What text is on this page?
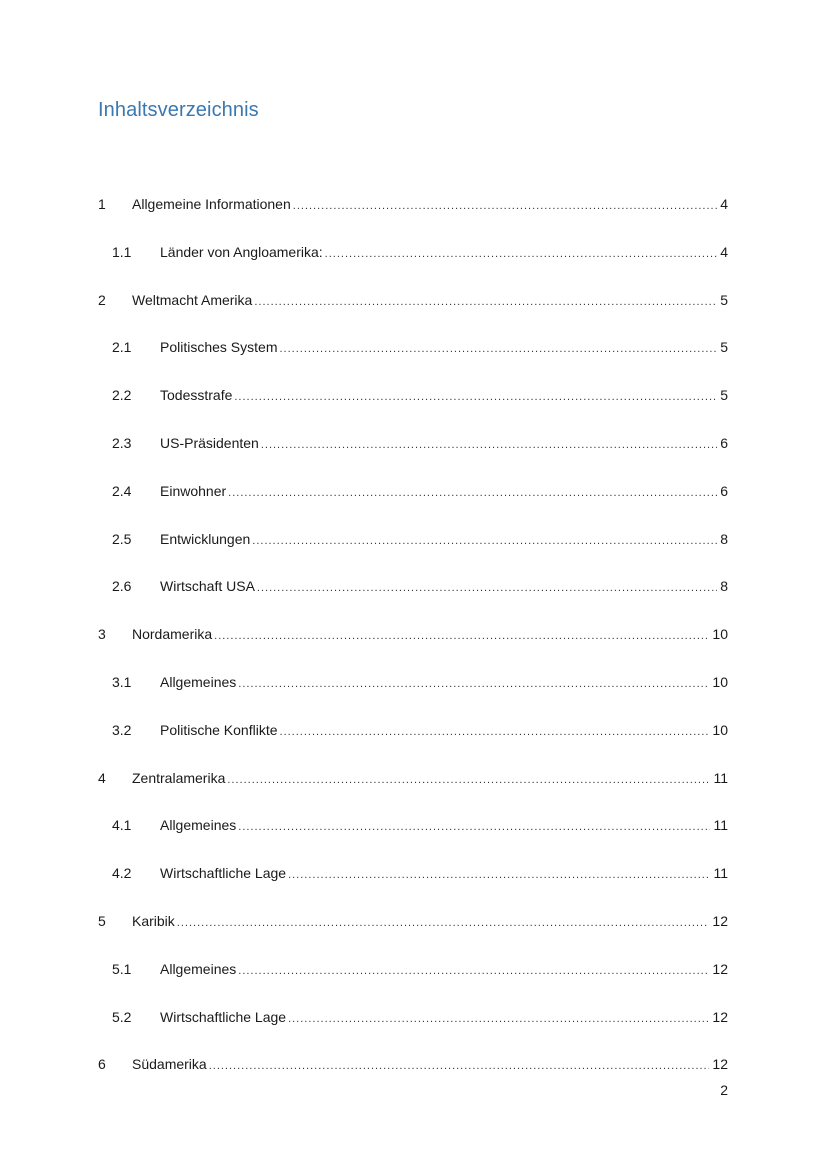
Inhaltsverzeichnis
1	Allgemeine Informationen .....	4
1.1	Länder von Angloamerika: .....	4
2	Weltmacht Amerika .....	5
2.1	Politisches System .....	5
2.2	Todesstrafe .....	5
2.3	US-Präsidenten .....	6
2.4	Einwohner .....	6
2.5	Entwicklungen .....	8
2.6	Wirtschaft USA .....	8
3	Nordamerika .....	10
3.1	Allgemeines .....	10
3.2	Politische Konflikte .....	10
4	Zentralamerika .....	11
4.1	Allgemeines .....	11
4.2	Wirtschaftliche Lage .....	11
5	Karibik .....	12
5.1	Allgemeines .....	12
5.2	Wirtschaftliche Lage .....	12
6	Südamerika .....	12
2
